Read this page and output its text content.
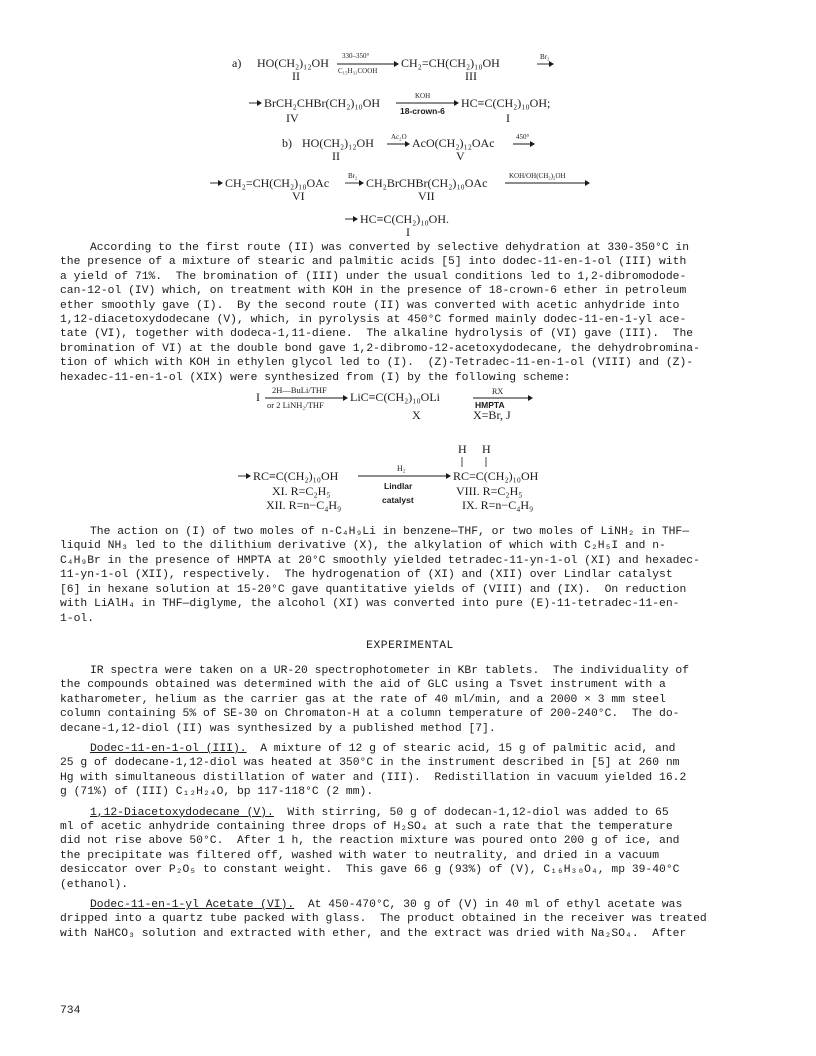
a) HO(CH₂)₁₂OH 330–350°
C₁₅H₃₁COOH
CH₂=CH(CH₂)₁₀OH	Br₂
II	III
BrCH₂CHBr(CH₂)₁₀OH	KOH
18-crown-6
HC≡C(CH₂)₁₀OH;
IV	I
b) HO(CH₂)₁₂OH Ac₂O AcO(CH₂)₁₂OAc	450°
II	V
CH₂=CH(CH₂)₁₀OAc	Br₂ CH₂BrCHBr(CH₂)₁₀OAc	KOH/OH(CH₂)₂OH
VI	VII
HC≡C(CH₂)₁₀OH.
I

According to the first route (II) was converted by selective dehydration at 330-350°C in
the presence of a mixture of stearic and palmitic acids [5] into dodec-11-en-1-ol (III) with
a yield of 71%.  The bromination of (III) under the usual conditions led to 1,2-dibromodode-
can-12-ol (IV) which, on treatment with KOH in the presence of 18-crown-6 ether in petroleum
ether smoothly gave (I).  By the second route (II) was converted with acetic anhydride into
1,12-diacetoxydodecane (V), which, in pyrolysis at 450°C formed mainly dodec-11-en-1-yl ace-
tate (VI), together with dodeca-1,11-diene.  The alkaline hydrolysis of (VI) gave (III).  The
bromination of VI) at the double bond gave 1,2-dibromo-12-acetoxydodecane, the dehydrobromina-
tion of which with KOH in ethylen glycol led to (I).  (Z)-Tetradec-11-en-1-ol (VIII) and (Z)-
hexadec-11-en-1-ol (XIX) were synthesized from (I) by the following scheme:

I 2H—BuLi/THF
or 2 LiNH₂/THF
LiC≡C(CH₂)₁₀OLi	RX
HMPTA
X	X=Br, J
H H
RC≡C(CH₂)₁₀OH
H₂
Lindlar
catalyst
RC=C(CH₂)₁₀OH
XI. R=C₂H₅
XII. R=n−C₄H₉
VIII. R=C₂H₅
IX. R=n−C₄H₉

The action on (I) of two moles of n-C₄H₉Li in benzene—THF, or two moles of LiNH₂ in THF—
liquid NH₃ led to the dilithium derivative (X), the alkylation of which with C₂H₅I and n-
C₄H₉Br in the presence of HMPTA at 20°C smoothly yielded tetradec-11-yn-1-ol (XI) and hexadec-
11-yn-1-ol (XII), respectively.  The hydrogenation of (XI) and (XII) over Lindlar catalyst
[6] in hexane solution at 15-20°C gave quantitative yields of (VIII) and (IX).  On reduction
with LiAlH₄ in THF—diglyme, the alcohol (XI) was converted into pure (E)-11-tetradec-11-en-
1-ol.

EXPERIMENTAL

IR spectra were taken on a UR-20 spectrophotometer in KBr tablets.  The individuality of
the compounds obtained was determined with the aid of GLC using a Tsvet instrument with a
katharometer, helium as the carrier gas at the rate of 40 ml/min, and a 2000 × 3 mm steel
column containing 5% of SE-30 on Chromaton-H at a column temperature of 200-240°C.  The do-
decane-1,12-diol (II) was synthesized by a published method [7].

Dodec-11-en-1-ol (III).  A mixture of 12 g of stearic acid, 15 g of palmitic acid, and
25 g of dodecane-1,12-diol was heated at 350°C in the instrument described in [5] at 260 nm
Hg with simultaneous distillation of water and (III).  Redistillation in vacuum yielded 16.2
g (71%) of (III) C₁₂H₂₄O, bp 117-118°C (2 mm).

1,12-Diacetoxydodecane (V).  With stirring, 50 g of dodecan-1,12-diol was added to 65
ml of acetic anhydride containing three drops of H₂SO₄ at such a rate that the temperature
did not rise above 50°C.  After 1 h, the reaction mixture was poured onto 200 g of ice, and
the precipitate was filtered off, washed with water to neutrality, and dried in a vacuum
desiccator over P₂O₅ to constant weight.  This gave 66 g (93%) of (V), C₁₆H₃₀O₄, mp 39-40°C
(ethanol).

Dodec-11-en-1-yl Acetate (VI).  At 450-470°C, 30 g of (V) in 40 ml of ethyl acetate was
dripped into a quartz tube packed with glass.  The product obtained in the receiver was treated
with NaHCO₃ solution and extracted with ether, and the extract was dried with Na₂SO₄.  After

734
